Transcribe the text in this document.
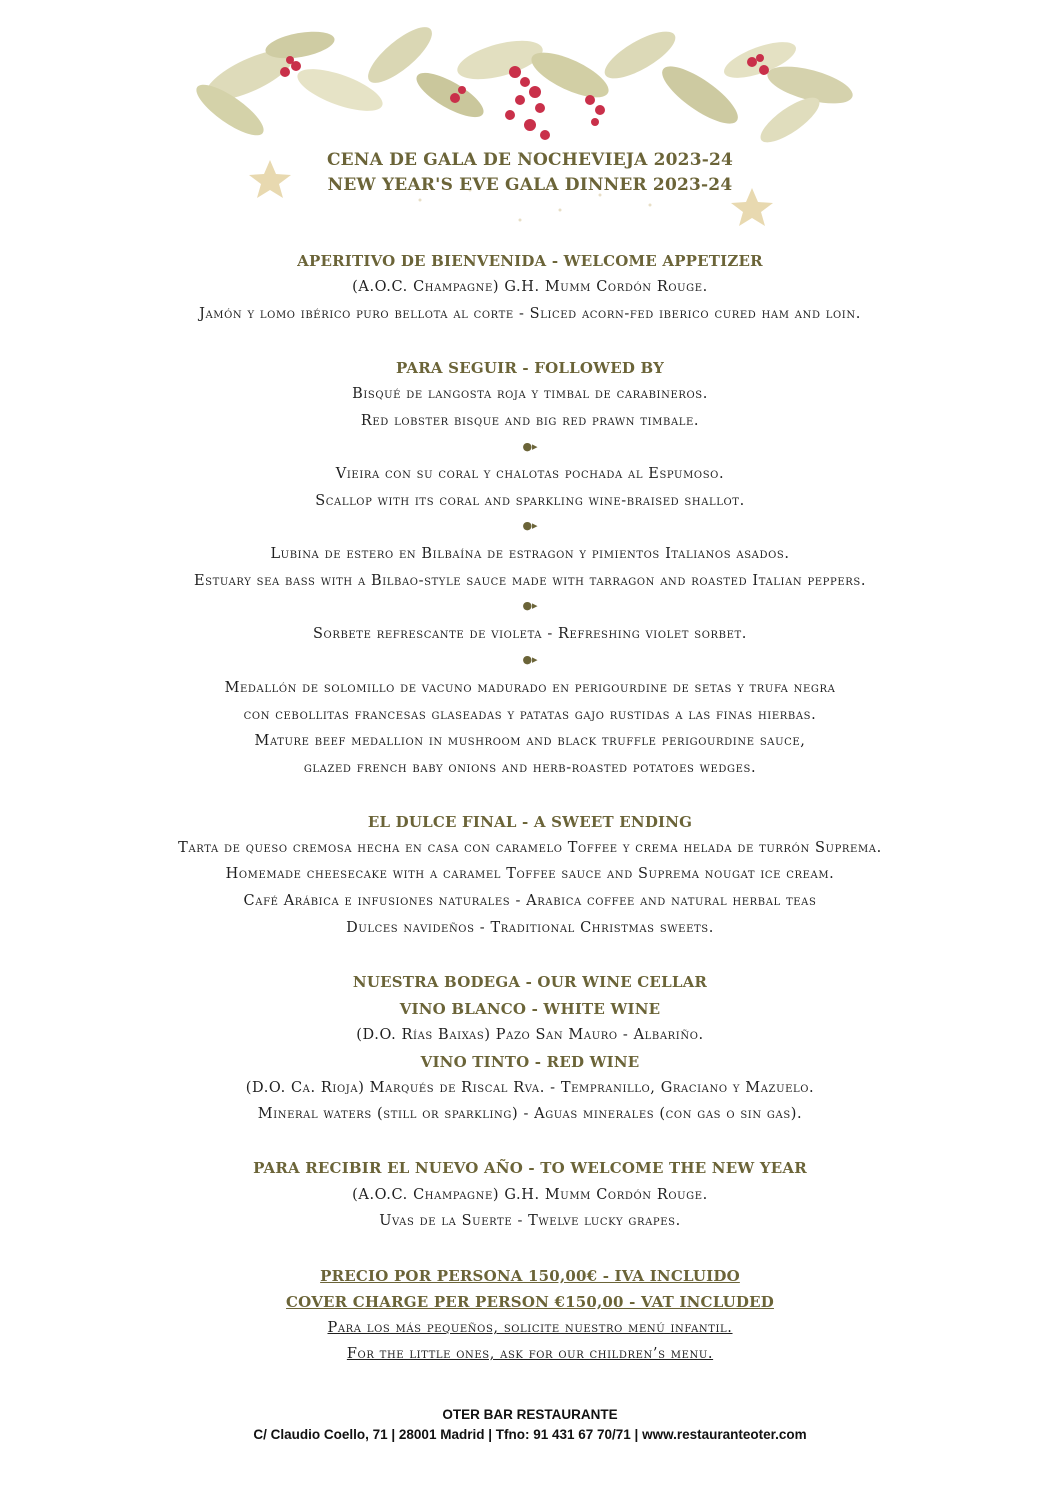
CENA DE GALA DE NOCHEVIEJA 2023-24
NEW YEAR'S EVE GALA DINNER 2023-24
APERITIVO DE BIENVENIDA - WELCOME APPETIZER
(A.O.C. Champagne) G.H. Mumm Cordón Rouge.
Jamón y lomo ibérico puro bellota al corte - Sliced acorn-fed iberico cured ham and loin.
PARA SEGUIR - FOLLOWED BY
Bisqué de langosta roja y timbal de carabineros.
Red lobster bisque and big red prawn timbale.
●▸
Vieira con su coral y chalotas pochada al Espumoso.
Scallop with its coral and sparkling wine-braised shallot.
●▸
Lubina de estero en Bilbaína de estragon y pimientos Italianos asados.
Estuary sea bass with a Bilbao-style sauce made with tarragon and roasted Italian peppers.
●▸
Sorbete refrescante de violeta - Refreshing violet sorbet.
●▸
Medallón de solomillo de vacuno madurado en perigourdine de setas y trufa negra
con cebollitas francesas glaseadas y patatas gajo rustidas a las finas hierbas.
Mature beef medallion in mushroom and black truffle perigourdine sauce,
glazed french baby onions and herb-roasted potatoes wedges.
EL DULCE FINAL - A SWEET ENDING
Tarta de queso cremosa hecha en casa con caramelo Toffee y crema helada de turrón Suprema.
Homemade cheesecake with a caramel Toffee sauce and Suprema nougat ice cream.
Café Arábica e infusiones naturales - Arabica coffee and natural herbal teas
Dulces navideños - Traditional Christmas sweets.
NUESTRA BODEGA - OUR WINE CELLAR
VINO BLANCO - WHITE WINE
(D.O. Rías Baixas) Pazo San Mauro - Albariño.
VINO TINTO - RED WINE
(D.O. Ca. Rioja) Marqués de Riscal Rva. - Tempranillo, Graciano y Mazuelo.
Mineral waters (still or sparkling) - Aguas minerales (con gas o sin gas).
PARA RECIBIR EL NUEVO AÑO - TO WELCOME THE NEW YEAR
(A.O.C. Champagne) G.H. Mumm Cordón Rouge.
Uvas de la Suerte - Twelve lucky grapes.
PRECIO POR PERSONA 150,00€ - IVA INCLUIDO
COVER CHARGE PER PERSON €150,00 - VAT INCLUDED
Para los más pequeños, solicite nuestro menú infantil.
For the little ones, ask for our children’s menu.
OTER BAR RESTAURANTE
C/ Claudio Coello, 71 | 28001 Madrid | Tfno: 91 431 67 70/71 | www.restauranteoter.com
